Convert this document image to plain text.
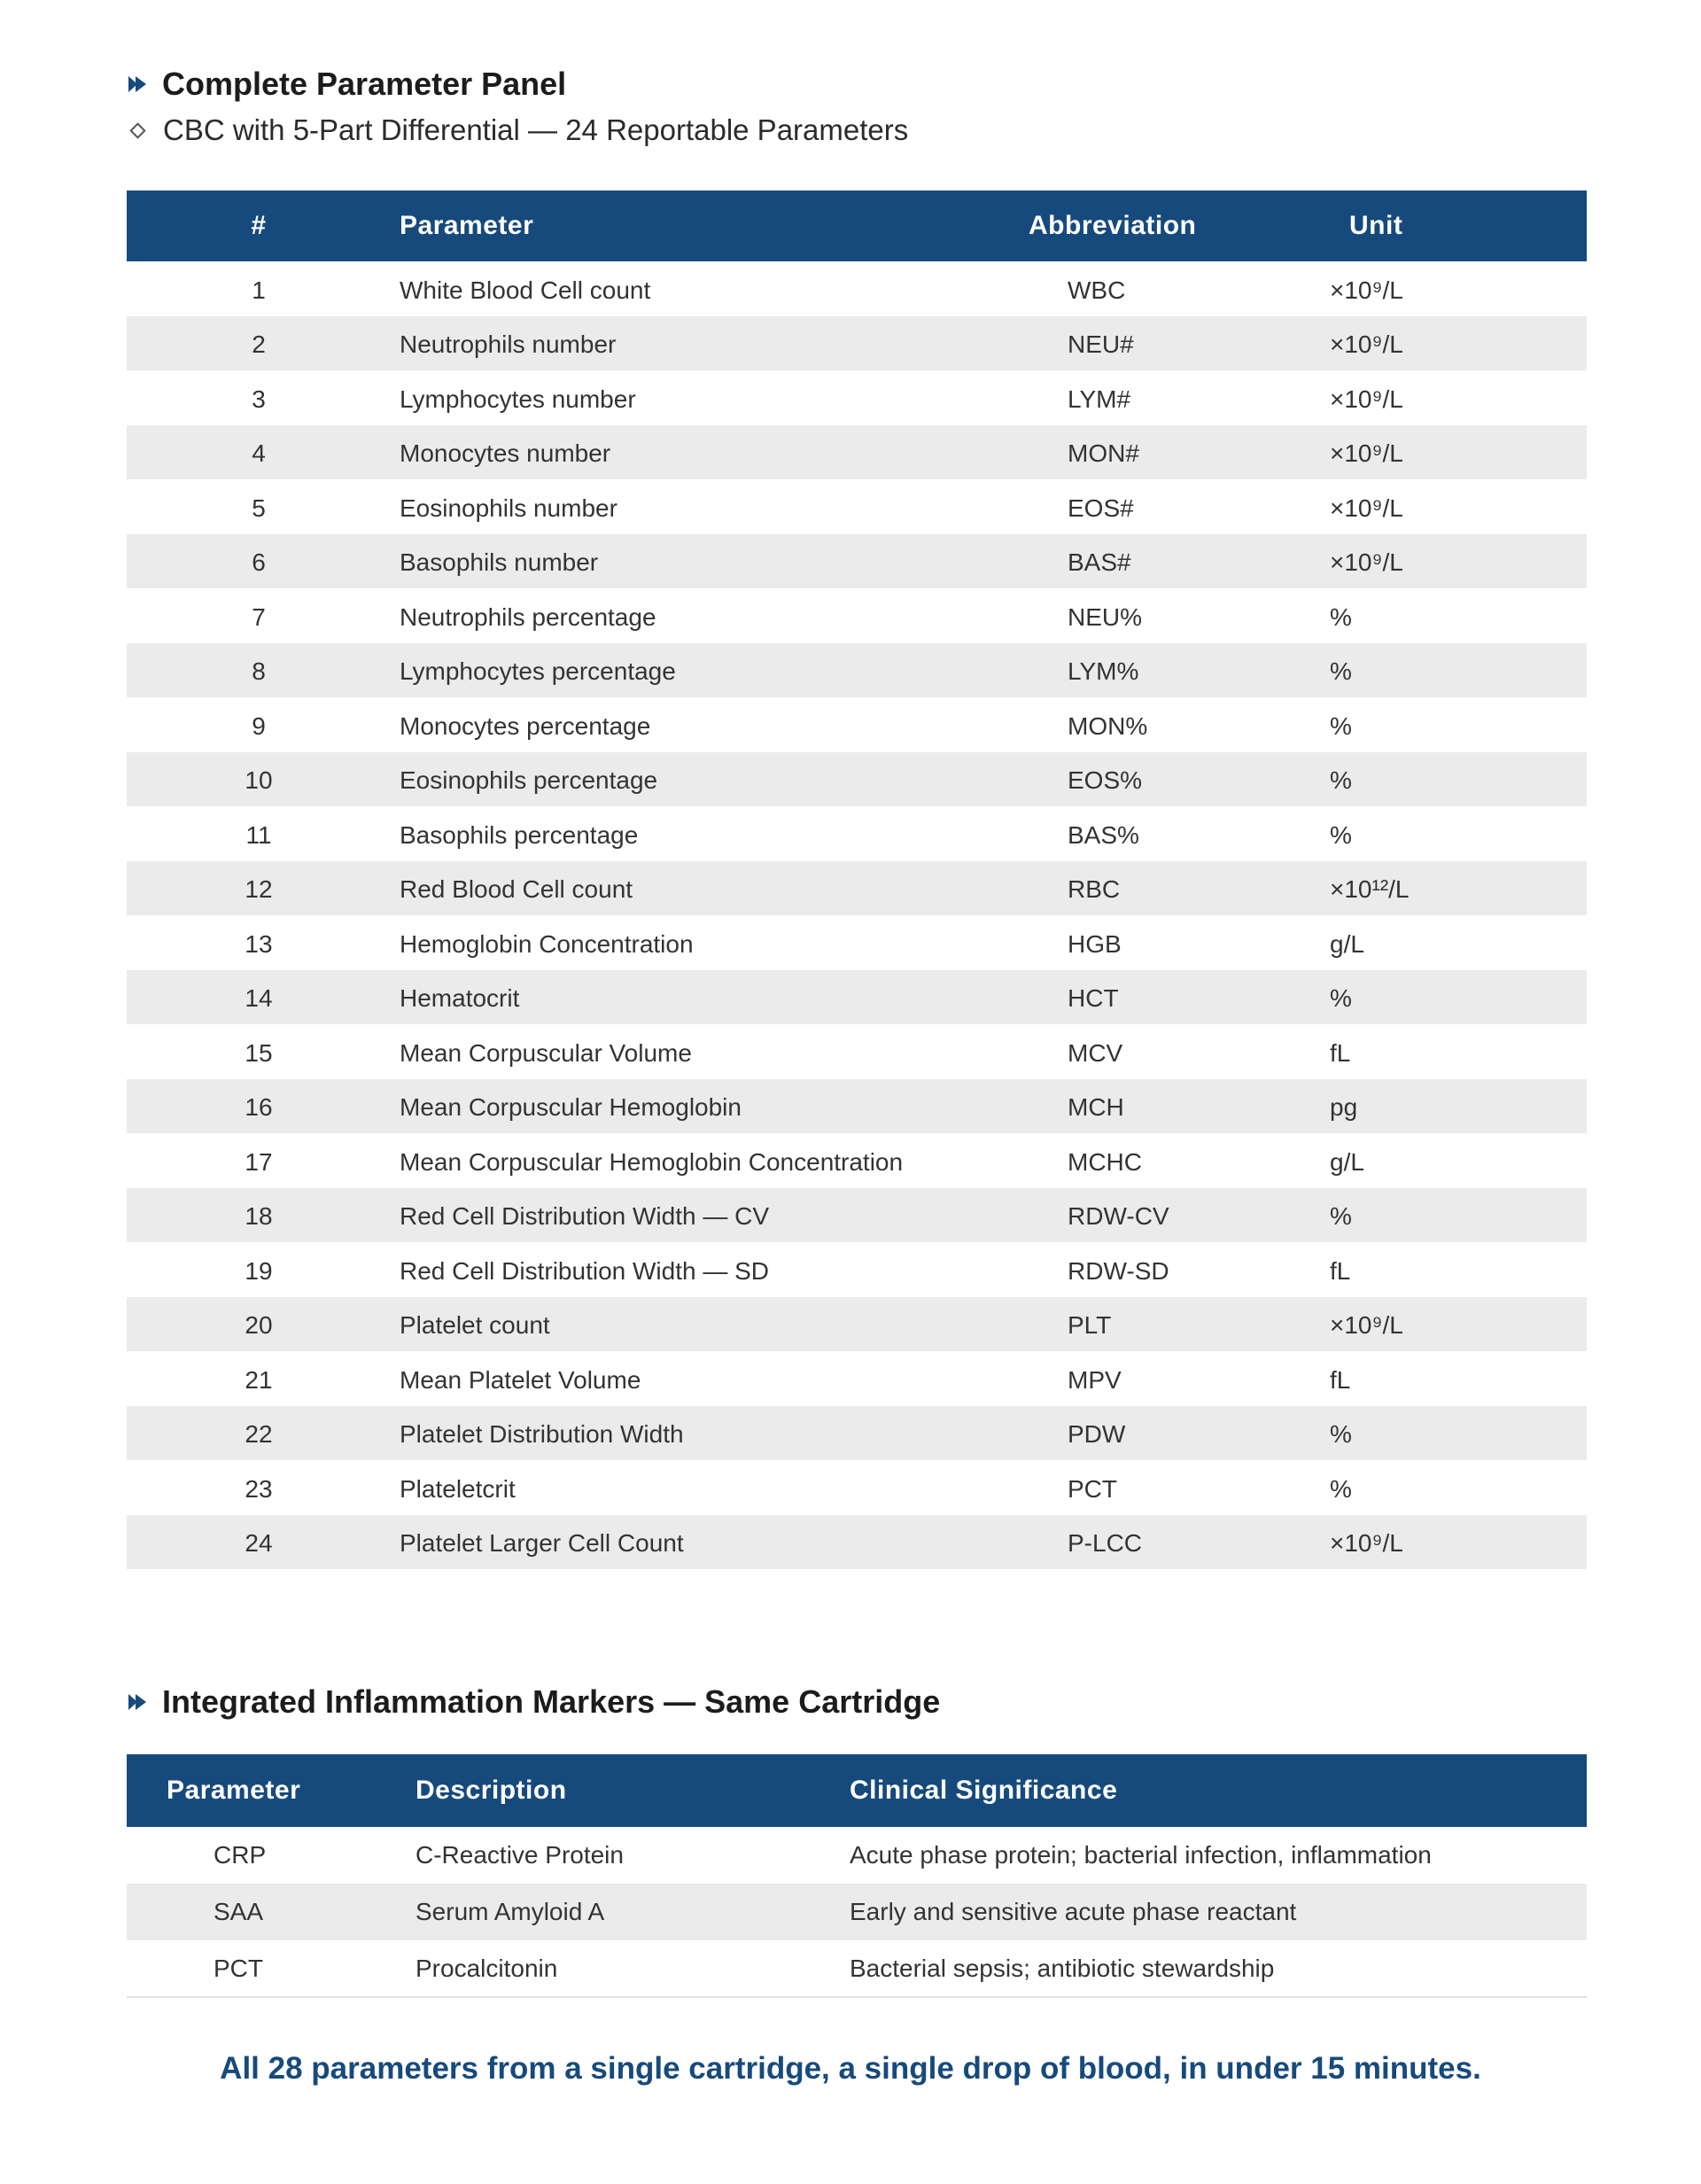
Complete Parameter Panel
CBC with 5-Part Differential — 24 Reportable Parameters
#	Parameter	Abbreviation	Unit
1	White Blood Cell count	WBC	×10⁹/L
2	Neutrophils number	NEU#	×10⁹/L
3	Lymphocytes number	LYM#	×10⁹/L
4	Monocytes number	MON#	×10⁹/L
5	Eosinophils number	EOS#	×10⁹/L
6	Basophils number	BAS#	×10⁹/L
7	Neutrophils percentage	NEU%	%
8	Lymphocytes percentage	LYM%	%
9	Monocytes percentage	MON%	%
10	Eosinophils percentage	EOS%	%
11	Basophils percentage	BAS%	%
12	Red Blood Cell count	RBC	×10¹²/L
13	Hemoglobin Concentration	HGB	g/L
14	Hematocrit	HCT	%
15	Mean Corpuscular Volume	MCV	fL
16	Mean Corpuscular Hemoglobin	MCH	pg
17	Mean Corpuscular Hemoglobin Concentration	MCHC	g/L
18	Red Cell Distribution Width — CV	RDW-CV	%
19	Red Cell Distribution Width — SD	RDW-SD	fL
20	Platelet count	PLT	×10⁹/L
21	Mean Platelet Volume	MPV	fL
22	Platelet Distribution Width	PDW	%
23	Plateletcrit	PCT	%
24	Platelet Larger Cell Count	P-LCC	×10⁹/L
Integrated Inflammation Markers — Same Cartridge
Parameter	Description	Clinical Significance
CRP	C-Reactive Protein	Acute phase protein; bacterial infection, inflammation
SAA	Serum Amyloid A	Early and sensitive acute phase reactant
PCT	Procalcitonin	Bacterial sepsis; antibiotic stewardship
All 28 parameters from a single cartridge, a single drop of blood, in under 15 minutes.
